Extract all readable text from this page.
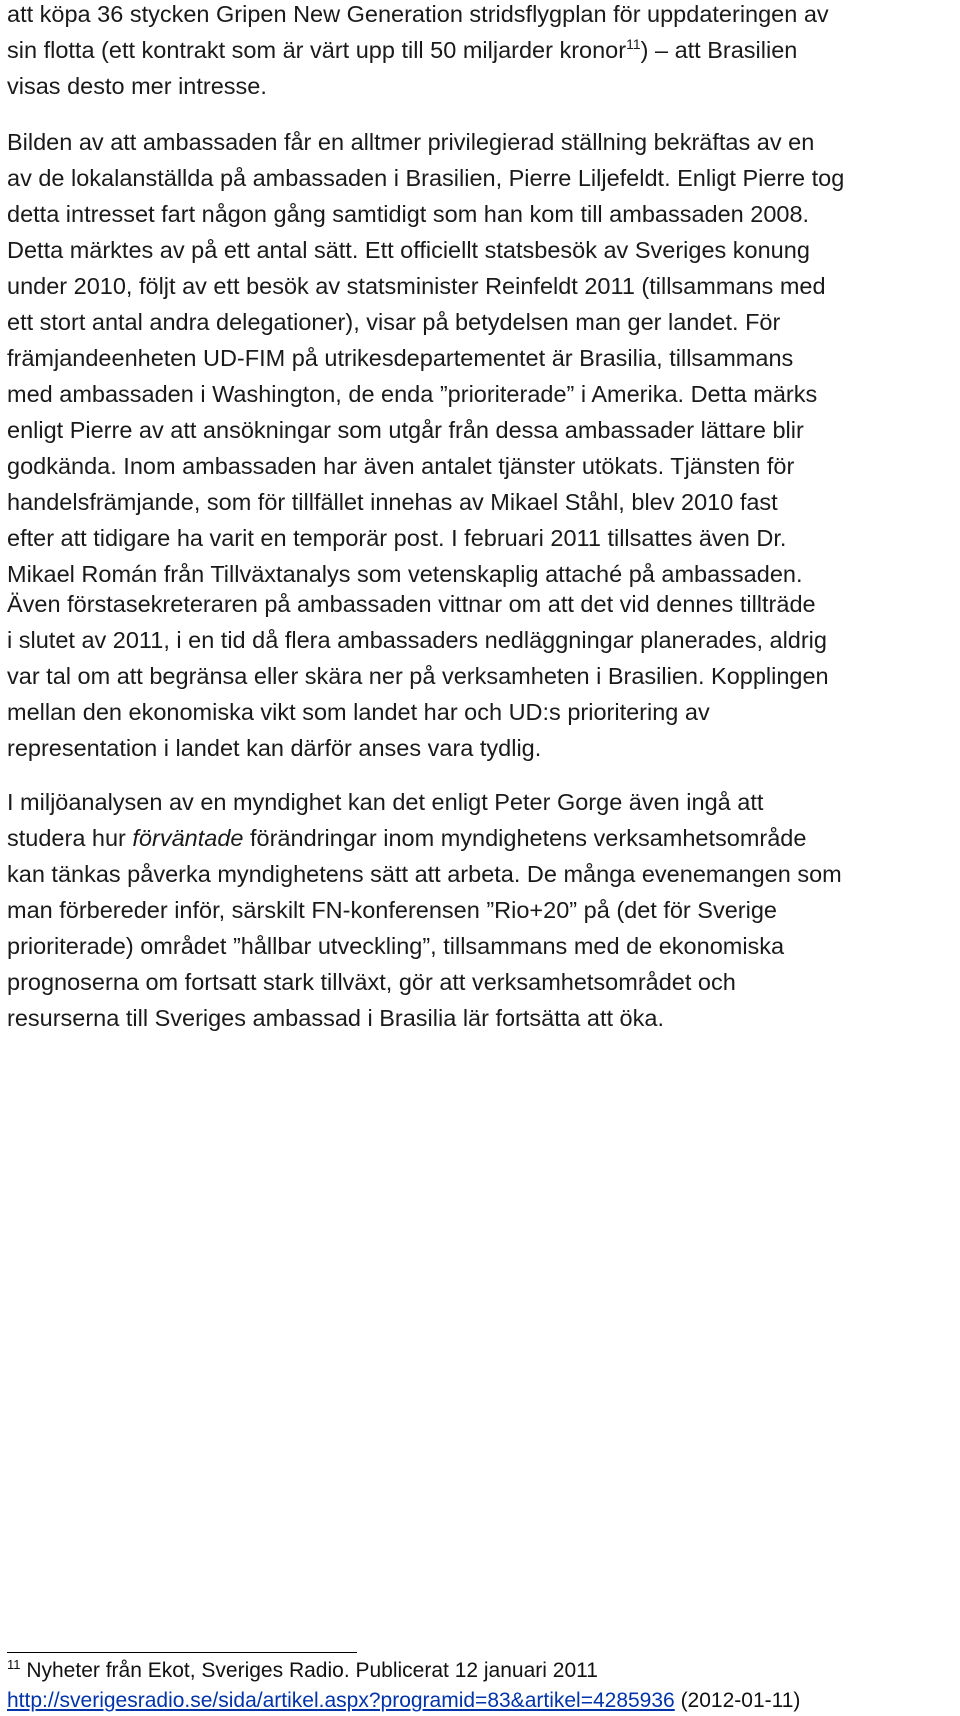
att köpa 36 stycken Gripen New Generation stridsflygplan för uppdateringen av
sin flotta (ett kontrakt som är värt upp till 50 miljarder kronor$^{11}$) – att Brasilien
visas desto mer intresse.

Bilden av att ambassaden får en alltmer privilegierad ställning bekräftas av en
av de lokalanställda på ambassaden i Brasilien, Pierre Liljefeldt. Enligt Pierre tog
detta intresset fart någon gång samtidigt som han kom till ambassaden 2008.
Detta märktes av på ett antal sätt. Ett officiellt statsbesök av Sveriges konung
under 2010, följt av ett besök av statsminister Reinfeldt 2011 (tillsammans med
ett stort antal andra delegationer), visar på betydelsen man ger landet. För
främjandeenheten UD-FIM på utrikesdepartementet är Brasilia, tillsammans
med ambassaden i Washington, de enda ”prioriterade” i Amerika. Detta märks
enligt Pierre av att ansökningar som utgår från dessa ambassader lättare blir
godkända. Inom ambassaden har även antalet tjänster utökats. Tjänsten för
handelsfrämjande, som för tillfället innehas av Mikael Ståhl, blev 2010 fast
efter att tidigare ha varit en temporär post. I februari 2011 tillsattes även Dr.
Mikael Román från Tillväxtanalys som vetenskaplig attaché på ambassaden.

Även förstasekreteraren på ambassaden vittnar om att det vid dennes tillträde
i slutet av 2011, i en tid då flera ambassaders nedläggningar planerades, aldrig
var tal om att begränsa eller skära ner på verksamheten i Brasilien. Kopplingen
mellan den ekonomiska vikt som landet har och UD:s prioritering av
representation i landet kan därför anses vara tydlig.

I miljöanalysen av en myndighet kan det enligt Peter Gorge även ingå att
studera hur förväntade förändringar inom myndighetens verksamhetsområde
kan tänkas påverka myndighetens sätt att arbeta. De många evenemangen som
man förbereder inför, särskilt FN-konferensen ”Rio+20” på (det för Sverige
prioriterade) området ”hållbar utveckling”, tillsammans med de ekonomiska
prognoserna om fortsatt stark tillväxt, gör att verksamhetsområdet och
resurserna till Sveriges ambassad i Brasilia lär fortsätta att öka.

$^{11}$ Nyheter från Ekot, Sveriges Radio. Publicerat 12 januari 2011
http://sverigesradio.se/sida/artikel.aspx?programid=83&artikel=4285936 (2012-01-11)
